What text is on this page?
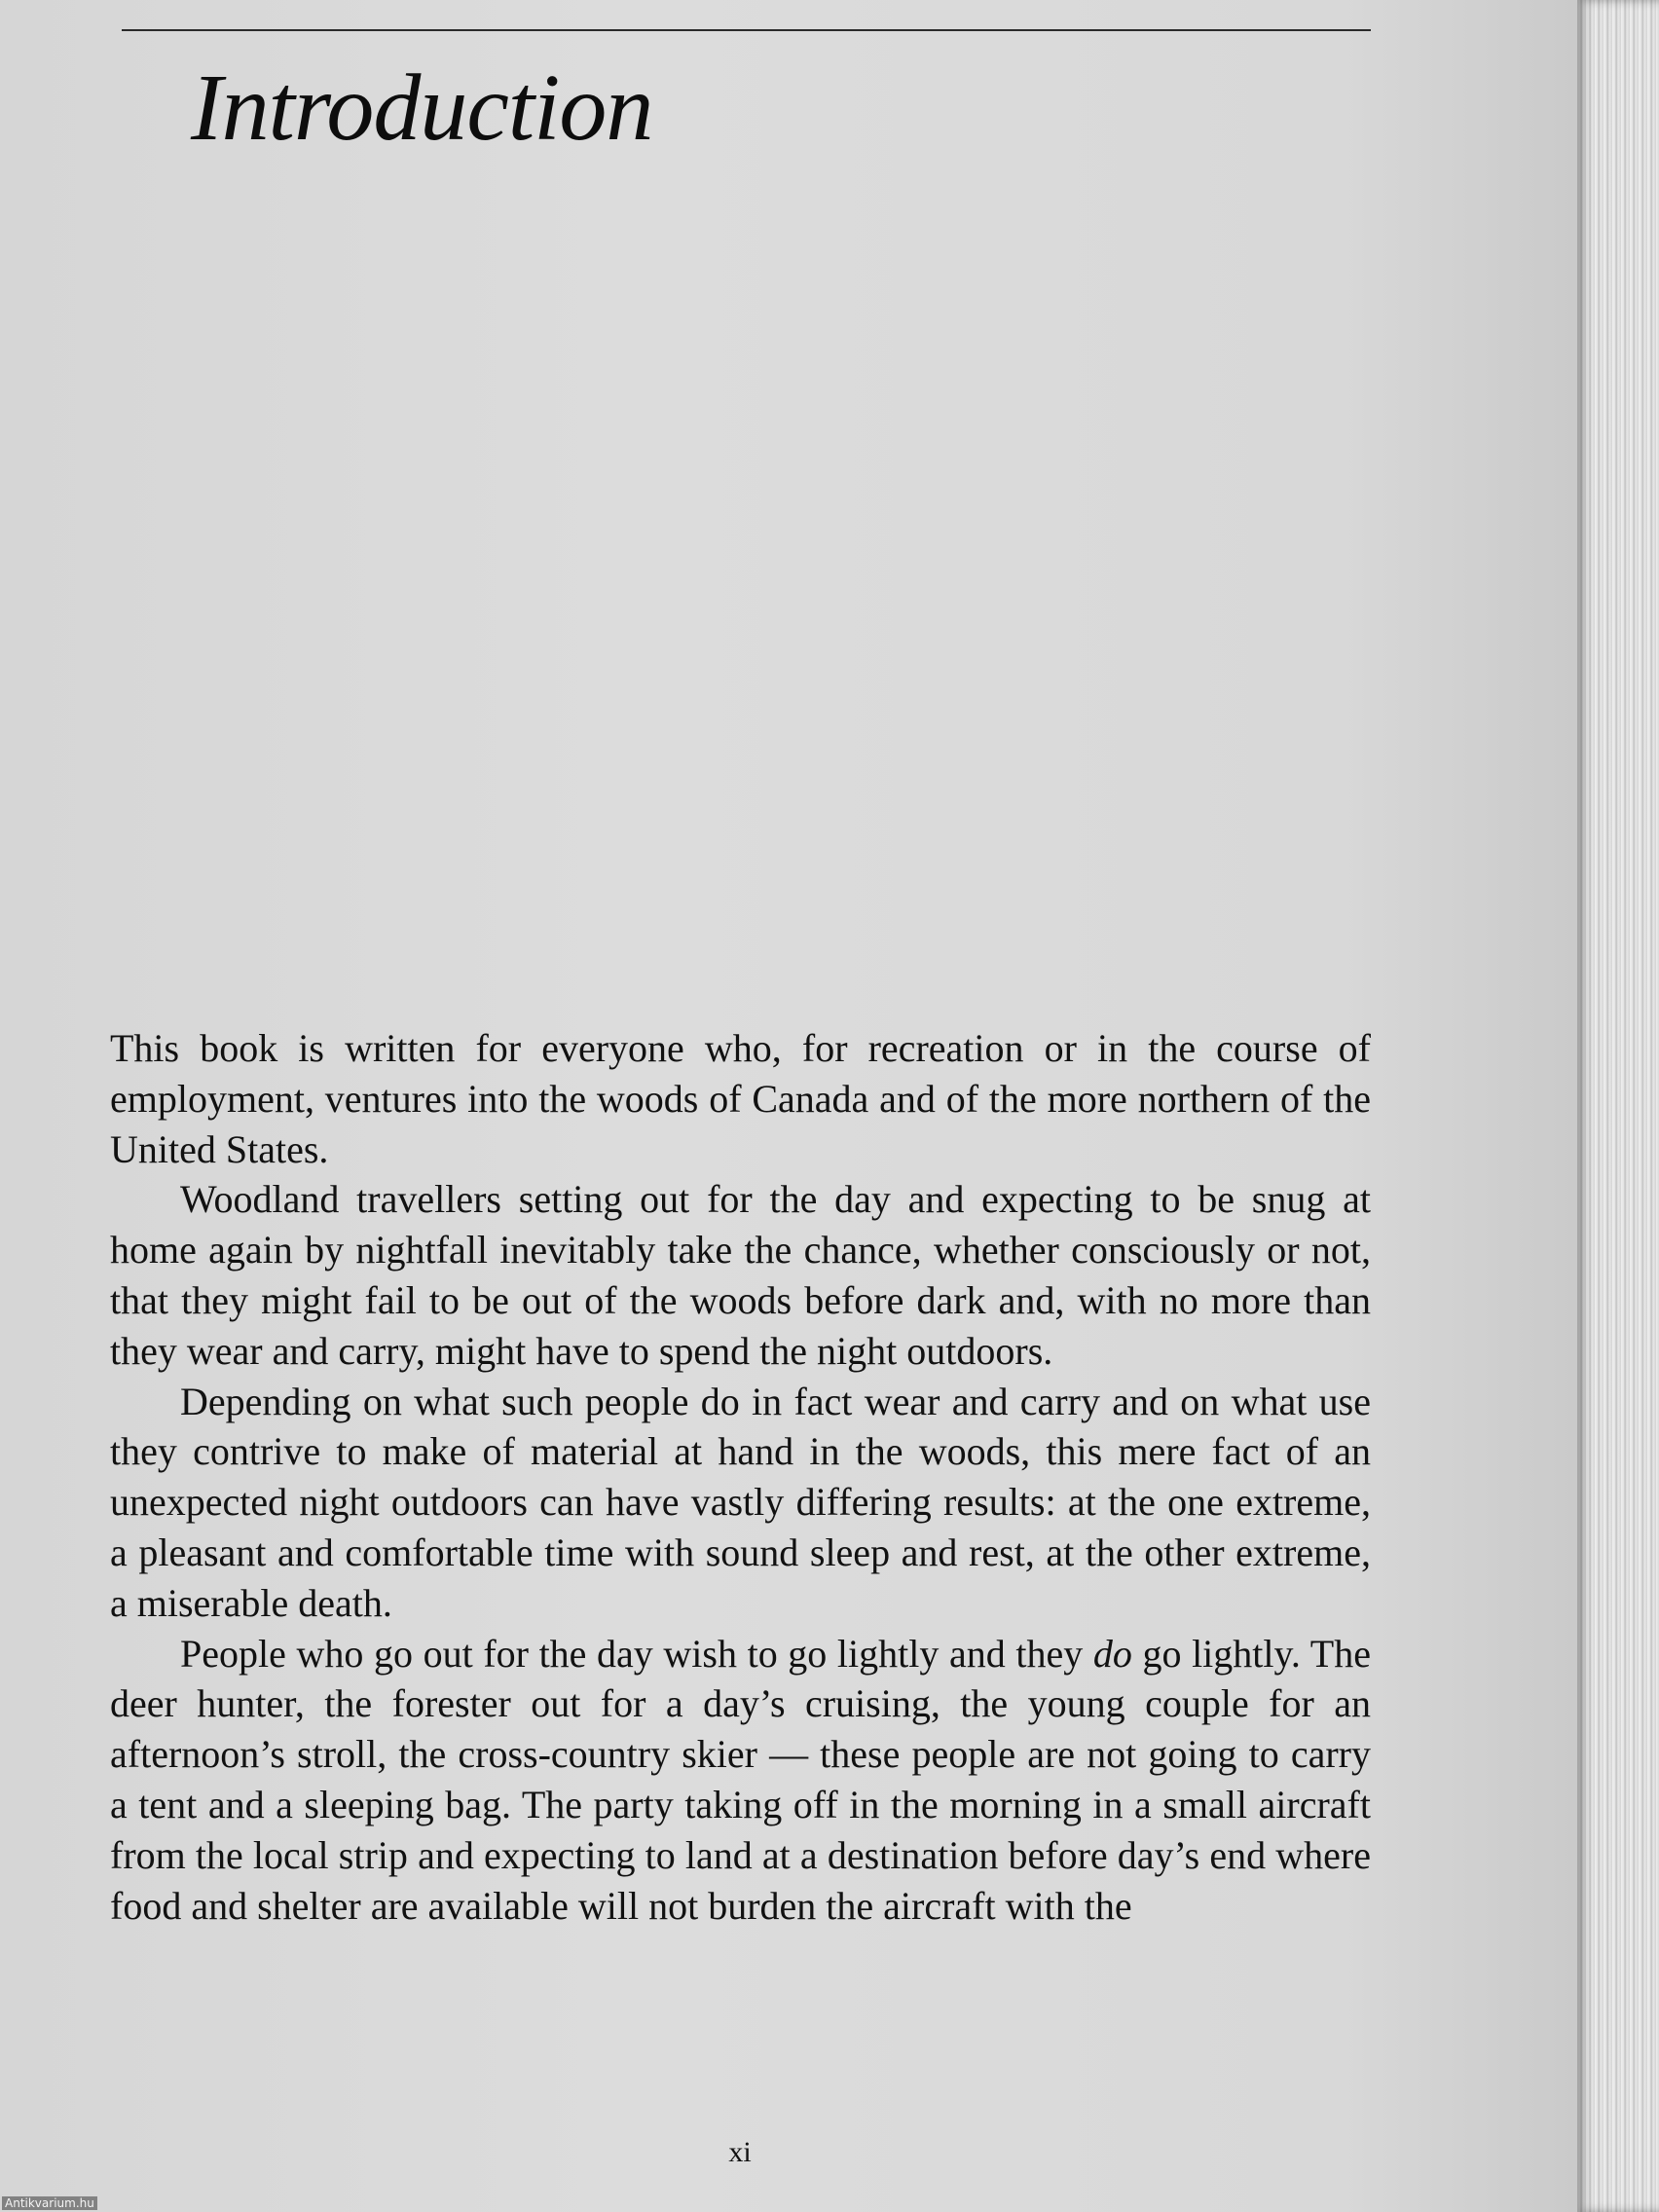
Introduction

This book is written for everyone who, for recreation or in the course of employment, ventures into the woods of Canada and of the more northern of the United States.

Woodland travellers setting out for the day and expecting to be snug at home again by nightfall inevitably take the chance, whether consciously or not, that they might fail to be out of the woods before dark and, with no more than they wear and carry, might have to spend the night outdoors.

Depending on what such people do in fact wear and carry and on what use they contrive to make of material at hand in the woods, this mere fact of an unexpected night outdoors can have vastly differing results: at the one extreme, a pleasant and comfortable time with sound sleep and rest, at the other extreme, a miserable death.

People who go out for the day wish to go lightly and they do go lightly. The deer hunter, the forester out for a day’s cruising, the young couple for an afternoon’s stroll, the cross-country skier — these people are not going to carry a tent and a sleeping bag. The party taking off in the morning in a small aircraft from the local strip and expecting to land at a destination before day’s end where food and shelter are available will not burden the aircraft with the

xi
Antikvarium.hu
